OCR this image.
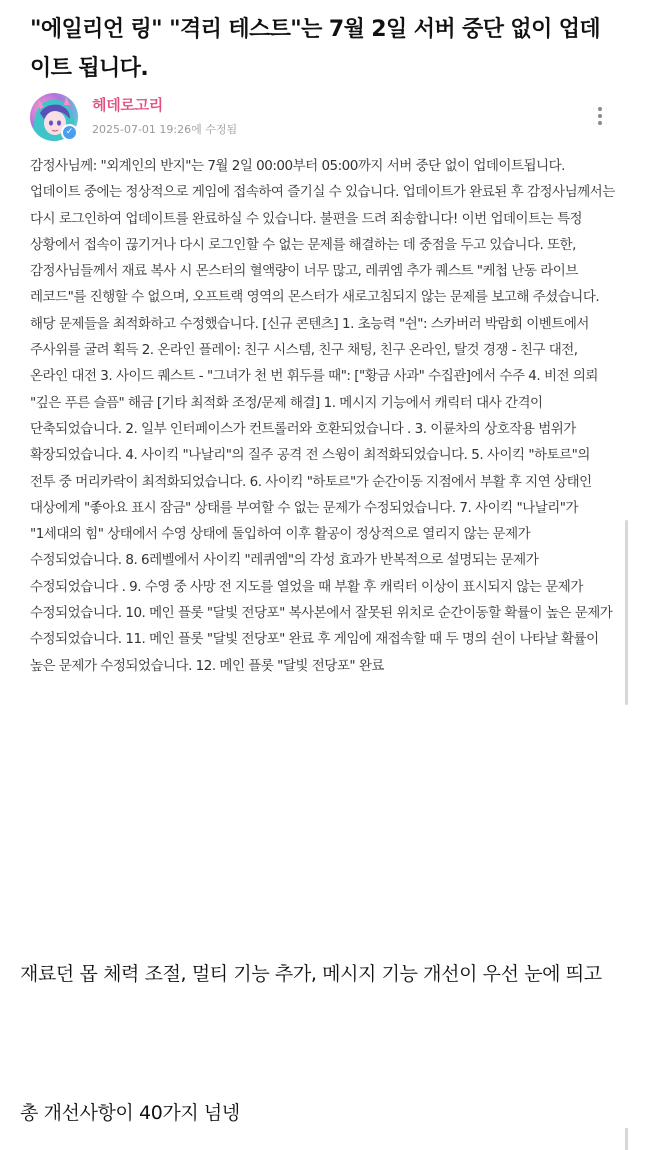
"에일리언 링" "격리 테스트"는 7월 2일 서버 중단 없이 업데이트 됩니다.
✓
헤데로고리
2025-07-01 19:26에 수정됨

감정사님께: "외계인의 반지"는 7월 2일 00:00부터 05:00까지 서버 중단 없이 업데이트됩니다. 업데이트 중에는 정상적으로 게임에 접속하여 즐기실 수 있습니다. 업데이트가 완료된 후 감정사님께서는 다시 로그인하여 업데이트를 완료하실 수 있습니다. 불편을 드려 죄송합니다! 이번 업데이트는 특정 상황에서 접속이 끊기거나 다시 로그인할 수 없는 문제를 해결하는 데 중점을 두고 있습니다. 또한, 감정사님들께서 재료 복사 시 몬스터의 혈액량이 너무 많고, 레퀴엠 추가 퀘스트 "케첩 난동 라이브 레코드"를 진행할 수 없으며, 오프트랙 영역의 몬스터가 새로고침되지 않는 문제를 보고해 주셨습니다. 해당 문제들을 최적화하고 수정했습니다. [신규 콘텐츠] 1. 초능력 "쉰": 스카버러 박람회 이벤트에서 주사위를 굴려 획득 2. 온라인 플레이: 친구 시스템, 친구 채팅, 친구 온라인, 탈것 경쟁 - 친구 대전, 온라인 대전 3. 사이드 퀘스트 - "그녀가 천 번 휘두를 때": ["황금 사과" 수집관]에서 수주 4. 비전 의뢰 "깊은 푸른 슬픔" 해금 [기타 최적화 조정/문제 해결] 1. 메시지 기능에서 캐릭터 대사 간격이 단축되었습니다. 2. 일부 인터페이스가 컨트롤러와 호환되었습니다 . 3. 이륜차의 상호작용 범위가 확장되었습니다. 4. 사이킥 "나날리"의 질주 공격 전 스윙이 최적화되었습니다. 5. 사이킥 "하토르"의 전투 중 머리카락이 최적화되었습니다. 6. 사이킥 "하토르"가 순간이동 지점에서 부활 후 지연 상태인 대상에게 "좋아요 표시 잠금" 상태를 부여할 수 없는 문제가 수정되었습니다. 7. 사이킥 "나날리"가 "1세대의 힘" 상태에서 수영 상태에 돌입하여 이후 활공이 정상적으로 열리지 않는 문제가 수정되었습니다. 8. 6레벨에서 사이킥 "레퀴엠"의 각성 효과가 반복적으로 설명되는 문제가 수정되었습니다 . 9. 수영 중 사망 전 지도를 열었을 때 부활 후 캐릭터 이상이 표시되지 않는 문제가 수정되었습니다. 10. 메인 플롯 "달빛 전당포" 복사본에서 잘못된 위치로 순간이동할 확률이 높은 문제가 수정되었습니다. 11. 메인 플롯 "달빛 전당포" 완료 후 게임에 재접속할 때 두 명의 쉰이 나타날 확률이 높은 문제가 수정되었습니다. 12. 메인 플롯 "달빛 전당포" 완료

재료던 몹 체력 조절, 멀티 기능 추가, 메시지 기능 개선이 우선 눈에 띄고

총 개선사항이 40가지 넘넹
